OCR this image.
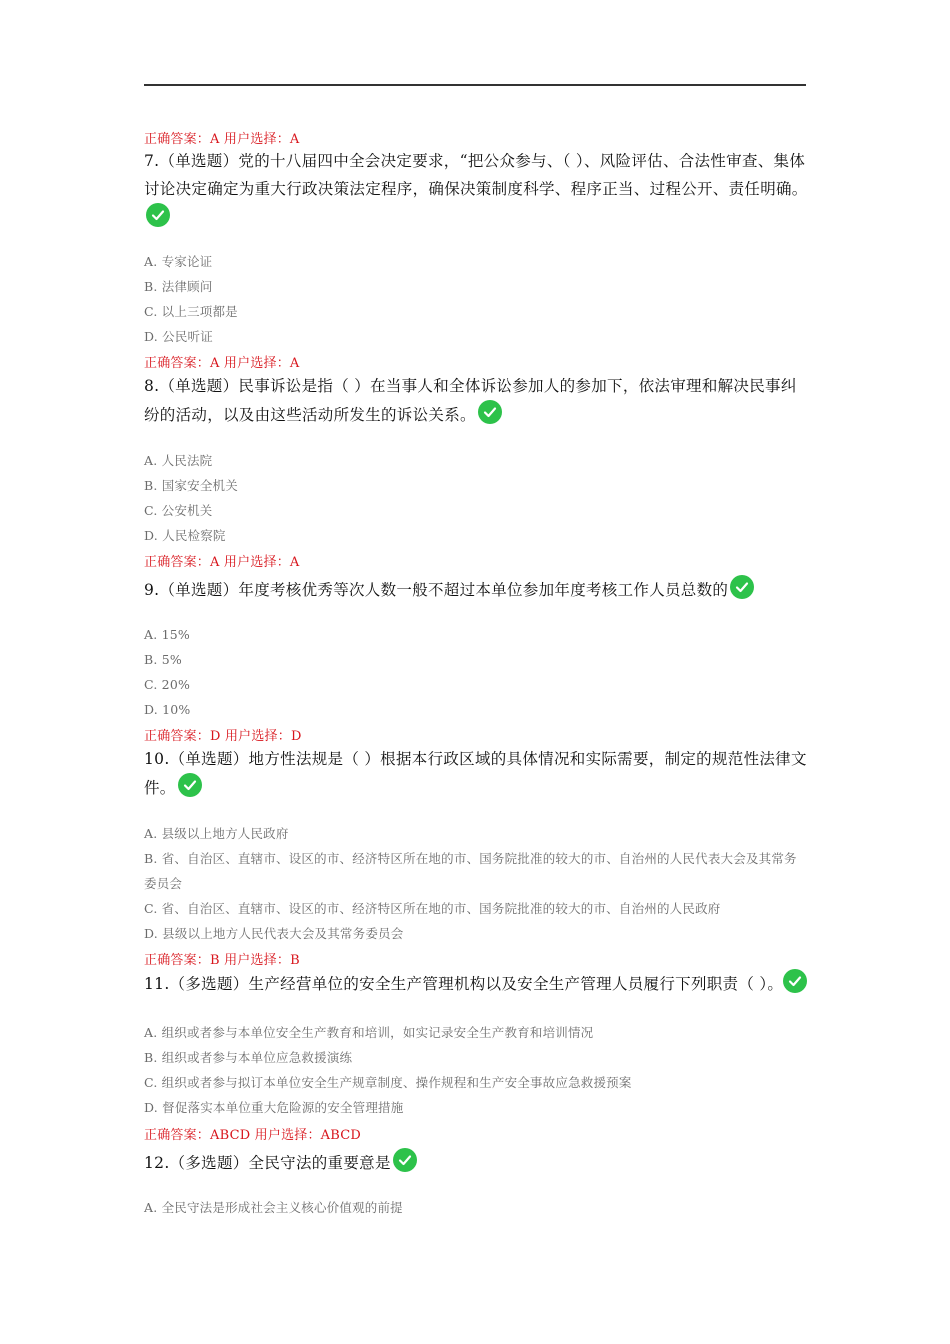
正确答案：A 用户选择：A
7.（单选题）党的十八届四中全会决定要求，“把公众参与、（ ）、风险评估、合法性审查、集体讨论决定确定为重大行政决策法定程序，确保决策制度科学、程序正当、过程公开、责任明确。
A. 专家论证
B. 法律顾问
C. 以上三项都是
D. 公民听证
正确答案：A 用户选择：A
8.（单选题）民事诉讼是指（ ）在当事人和全体诉讼参加人的参加下，依法审理和解决民事纠纷的活动，以及由这些活动所发生的诉讼关系。
A. 人民法院
B. 国家安全机关
C. 公安机关
D. 人民检察院
正确答案：A 用户选择：A
9.（单选题）年度考核优秀等次人数一般不超过本单位参加年度考核工作人员总数的
A. 15%
B. 5%
C. 20%
D. 10%
正确答案：D 用户选择：D
10.（单选题）地方性法规是（ ）根据本行政区域的具体情况和实际需要，制定的规范性法律文件。
A. 县级以上地方人民政府
B. 省、自治区、直辖市、设区的市、经济特区所在地的市、国务院批准的较大的市、自治州的人民代表大会及其常务委员会
C. 省、自治区、直辖市、设区的市、经济特区所在地的市、国务院批准的较大的市、自治州的人民政府
D. 县级以上地方人民代表大会及其常务委员会
正确答案：B 用户选择：B
11.（多选题）生产经营单位的安全生产管理机构以及安全生产管理人员履行下列职责（ ）。
A. 组织或者参与本单位安全生产教育和培训，如实记录安全生产教育和培训情况
B. 组织或者参与本单位应急救援演练
C. 组织或者参与拟订本单位安全生产规章制度、操作规程和生产安全事故应急救援预案
D. 督促落实本单位重大危险源的安全管理措施
正确答案：ABCD 用户选择：ABCD
12.（多选题）全民守法的重要意是
A. 全民守法是形成社会主义核心价值观的前提
